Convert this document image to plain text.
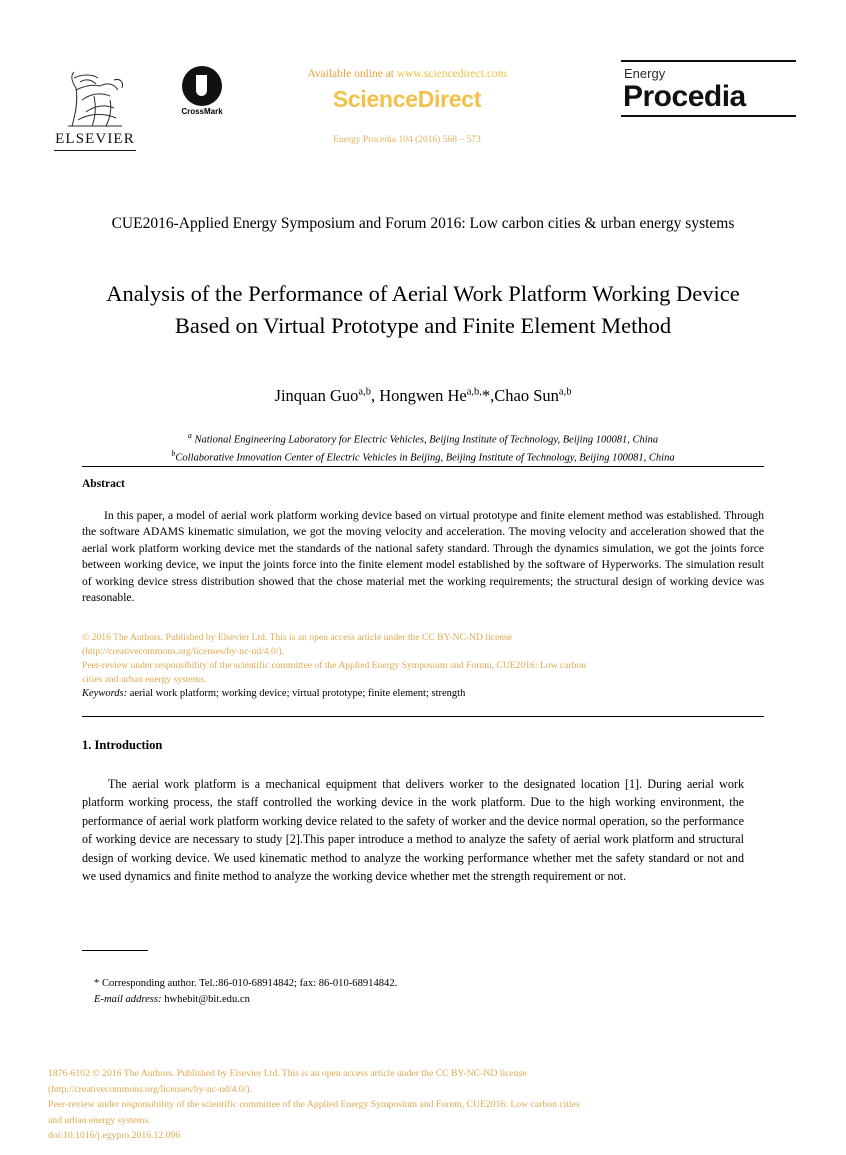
ELSEVIER
CrossMark
Available online at www.sciencedirect.com
ScienceDirect
Energy Procedia 104 (2016) 568 – 573
Energy
Procedia
CUE2016-Applied Energy Symposium and Forum 2016: Low carbon cities & urban energy systems
Analysis of the Performance of Aerial Work Platform Working Device Based on Virtual Prototype and Finite Element Method
Jinquan Guo$^{a,b}$, Hongwen $He^{a,b,}*,Chao$ Sun$^{a,b}$
$^a$ National Engineering Laboratory for Electric Vehicles, Beijing Institute of Technology, Beijing 100081, China
$^b$Collaborative Innovation Center of Electric Vehicles in Beijing, Beijing Institute of Technology, Beijing 100081, China
Abstract
In this paper, a model of aerial work platform working device based on virtual prototype and finite element method was established. Through the software ADAMS kinematic simulation, we got the moving velocity and acceleration. The moving velocity and acceleration showed that the aerial work platform working device met the standards of the national safety standard. Through the dynamics simulation, we got the joints force between working device, we input the joints force into the finite element model established by the software of Hyperworks. The simulation result of working device stress distribution showed that the chose material met the working requirements; the structural design of working device was reasonable.
© 2016 The Authors. Published by Elsevier Ltd. This is an open access article under the CC BY-NC-ND license
(http://creativecommons.org/licenses/by-nc-nd/4.0/).
Peer-review under responsibility of the scientific committee of the Applied Energy Symposium and Forum, CUE2016: Low carbon
cities and urban energy systems.
Keywords: aerial work platform; working device; virtual prototype; finite element; strength
1. Introduction
The aerial work platform is a mechanical equipment that delivers worker to the designated location [1]. During aerial work platform working process, the staff controlled the working device in the work platform. Due to the high working environment, the performance of aerial work platform working device related to the safety of worker and the device normal operation, so the performance of working device are necessary to study [2].This paper introduce a method to analyze the safety of aerial work platform and structural design of working device. We used kinematic method to analyze the working performance whether met the safety standard or not and we used dynamics and finite method to analyze the working device whether met the strength requirement or not.
* Corresponding author. Tel.:86-010-68914842; fax: 86-010-68914842.
E-mail address: hwhebit@bit.edu.cn
1876-6102 © 2016 The Authors. Published by Elsevier Ltd. This is an open access article under the CC BY-NC-ND license
(http://creativecommons.org/licenses/by-nc-nd/4.0/).
Peer-review under responsibility of the scientific committee of the Applied Energy Symposium and Forum, CUE2016: Low carbon cities
and urban energy systems.
doi:10.1016/j.egypro.2016.12.096
